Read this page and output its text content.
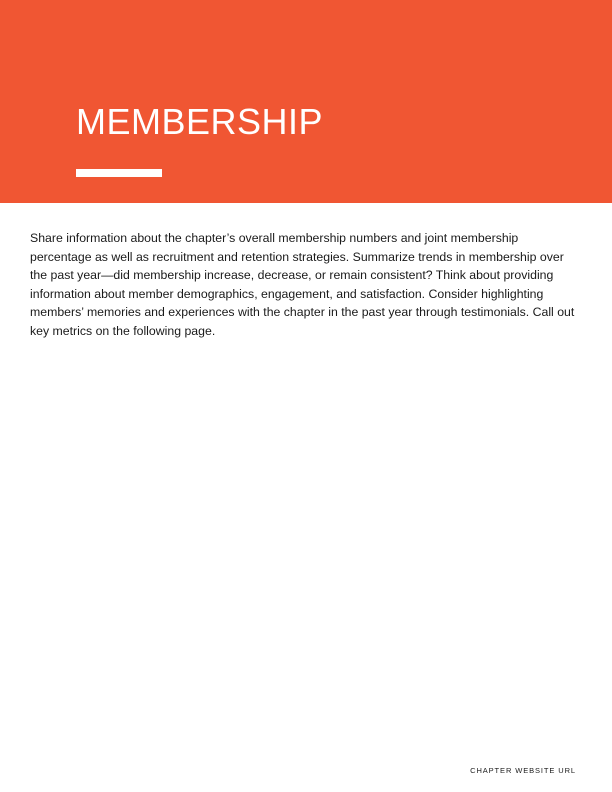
MEMBERSHIP

Share information about the chapter’s overall membership numbers and joint membership percentage as well as recruitment and retention strategies. Summarize trends in membership over the past year—did membership increase, decrease, or remain consistent? Think about providing information about member demographics, engagement, and satisfaction. Consider highlighting members’ memories and experiences with the chapter in the past year through testimonials. Call out key metrics on the following page.

CHAPTER WEBSITE URL
